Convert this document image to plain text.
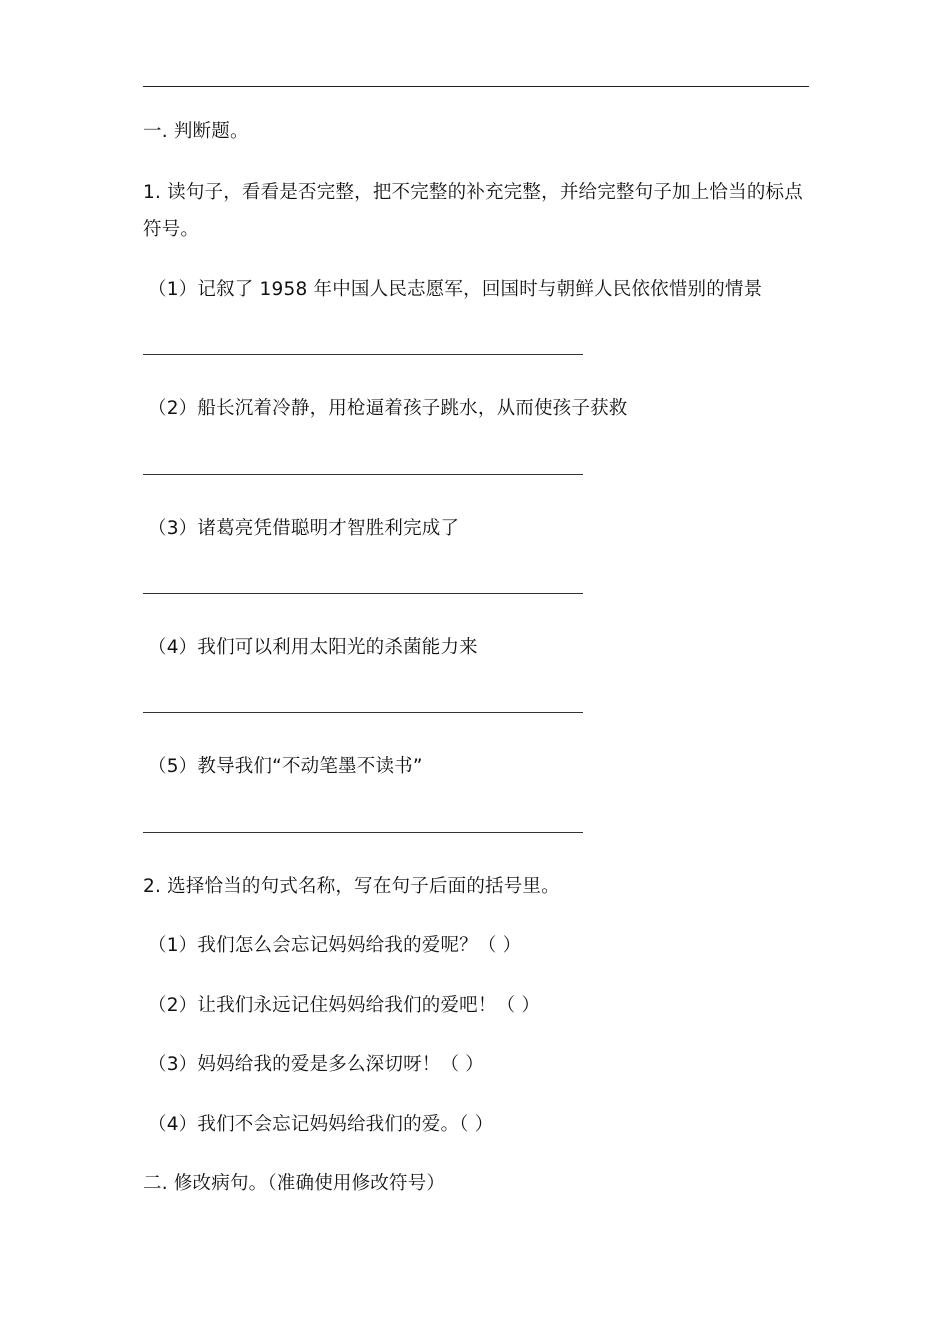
一. 判断题。
1. 读句子，看看是否完整，把不完整的补充完整，并给完整句子加上恰当的标点符号。
（1）记叙了 1958 年中国人民志愿军，回国时与朝鲜人民依依惜别的情景
（2）船长沉着冷静，用枪逼着孩子跳水，从而使孩子获救
（3）诸葛亮凭借聪明才智胜利完成了
（4）我们可以利用太阳光的杀菌能力来
（5）教导我们“不动笔墨不读书”
2. 选择恰当的句式名称，写在句子后面的括号里。
（1）我们怎么会忘记妈妈给我的爱呢？（ ）
（2）让我们永远记住妈妈给我们的爱吧！（ ）
（3）妈妈给我的爱是多么深切呀！（ ）
（4）我们不会忘记妈妈给我们的爱。（ ）
二. 修改病句。（准确使用修改符号）
